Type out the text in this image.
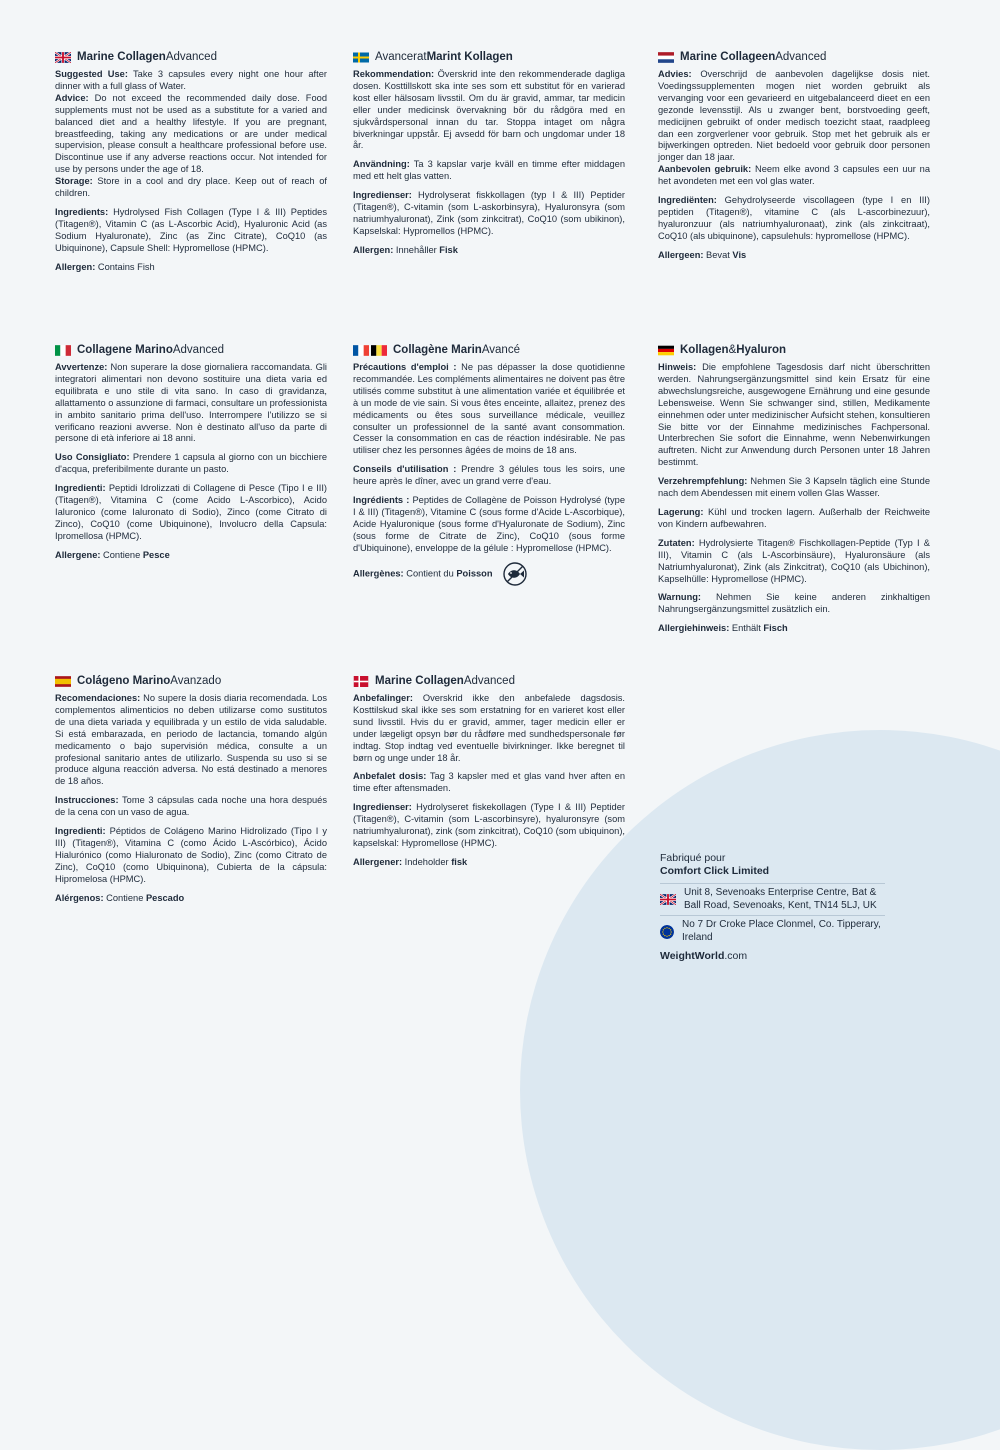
Marine Collagen Advanced
Suggested Use: Take 3 capsules every night one hour after dinner with a full glass of Water.
Advice: Do not exceed the recommended daily dose. Food supplements must not be used as a substitute for a varied and balanced diet and a healthy lifestyle. If you are pregnant, breastfeeding, taking any medications or are under medical supervision, please consult a healthcare professional before use. Discontinue use if any adverse reactions occur. Not intended for use by persons under the age of 18.
Storage: Store in a cool and dry place. Keep out of reach of children.
Ingredients: Hydrolysed Fish Collagen (Type I & III) Peptides (Titagen®), Vitamin C (as L-Ascorbic Acid), Hyaluronic Acid (as Sodium Hyaluronate), Zinc (as Zinc Citrate), CoQ10 (as Ubiquinone), Capsule Shell: Hypromellose (HPMC).
Allergen: Contains Fish
Avancerat Marint Kollagen
Rekommendation: Överskrid inte den rekommenderade dagliga dosen. Kosttillskott ska inte ses som ett substitut för en varierad kost eller hälsosam livsstil. Om du är gravid, ammar, tar medicin eller under medicinsk övervakning bör du rådgöra med en sjukvårdspersonal innan du tar. Stoppa intaget om några biverkningar uppstår. Ej avsedd för barn och ungdomar under 18 år.
Användning: Ta 3 kapslar varje kväll en timme efter middagen med ett helt glas vatten.
Ingredienser: Hydrolyserat fiskkollagen (typ I & III) Peptider (Titagen®), C-vitamin (som L-askorbinsyra), Hyaluronsyra (som natriumhyaluronat), Zink (som zinkcitrat), CoQ10 (som ubikinon), Kapselskal: Hypromellos (HPMC).
Allergen: Innehåller Fisk
Marine Collageen Advanced
Advies: Overschrijd de aanbevolen dagelijkse dosis niet. Voedingssupplementen mogen niet worden gebruikt als vervanging voor een gevarieerd en uitgebalanceerd dieet en een gezonde levensstijl. Als u zwanger bent, borstvoeding geeft, medicijnen gebruikt of onder medisch toezicht staat, raadpleeg dan een zorgverlener voor gebruik. Stop met het gebruik als er bijwerkingen optreden. Niet bedoeld voor gebruik door personen jonger dan 18 jaar.
Aanbevolen gebruik: Neem elke avond 3 capsules een uur na het avondeten met een vol glas water.
Ingrediënten: Gehydrolyseerde viscollageen (type I en III) peptiden (Titagen®), vitamine C (als L-ascorbinezuur), hyaluronzuur (als natriumhyaluronaat), zink (als zinkcitraat), CoQ10 (als ubiquinone), capsulehuls: hypromellose (HPMC).
Allergeen: Bevat Vis
Collagene Marino Advanced
Avvertenze: Non superare la dose giornaliera raccomandata. Gli integratori alimentari non devono sostituire una dieta varia ed equilibrata e uno stile di vita sano. In caso di gravidanza, allattamento o assunzione di farmaci, consultare un professionista in ambito sanitario prima dell'uso. Interrompere l'utilizzo se si verificano reazioni avverse. Non è destinato all'uso da parte di persone di età inferiore ai 18 anni.
Uso Consigliato: Prendere 1 capsula al giorno con un bicchiere d'acqua, preferibilmente durante un pasto.
Ingredienti: Peptidi Idrolizzati di Collagene di Pesce (Tipo I e III) (Titagen®), Vitamina C (come Acido L-Ascorbico), Acido Ialuronico (come Ialuronato di Sodio), Zinco (come Citrato di Zinco), CoQ10 (come Ubiquinone), Involucro della Capsula: Ipromellosa (HPMC).
Allergene: Contiene Pesce
Collagène Marin Avancé
Précautions d'emploi : Ne pas dépasser la dose quotidienne recommandée. Les compléments alimentaires ne doivent pas être utilisés comme substitut à une alimentation variée et équilibrée et à un mode de vie sain. Si vous êtes enceinte, allaitez, prenez des médicaments ou êtes sous surveillance médicale, veuillez consulter un professionnel de la santé avant consommation. Cesser la consommation en cas de réaction indésirable. Ne pas utiliser chez les personnes âgées de moins de 18 ans.
Conseils d'utilisation : Prendre 3 gélules tous les soirs, une heure après le dîner, avec un grand verre d'eau.
Ingrédients : Peptides de Collagène de Poisson Hydrolysé (type I & III) (Titagen®), Vitamine C (sous forme d'Acide L-Ascorbique), Acide Hyaluronique (sous forme d'Hyaluronate de Sodium), Zinc (sous forme de Citrate de Zinc), CoQ10 (sous forme d'Ubiquinone), enveloppe de la gélule : Hypromellose (HPMC).
Allergènes: Contient du Poisson
Kollagen & Hyaluron
Hinweis: Die empfohlene Tagesdosis darf nicht überschritten werden. Nahrungsergänzungsmittel sind kein Ersatz für eine abwechslungsreiche, ausgewogene Ernährung und eine gesunde Lebensweise. Wenn Sie schwanger sind, stillen, Medikamente einnehmen oder unter medizinischer Aufsicht stehen, konsultieren Sie bitte vor der Einnahme medizinisches Fachpersonal. Unterbrechen Sie sofort die Einnahme, wenn Nebenwirkungen auftreten. Nicht zur Anwendung durch Personen unter 18 Jahren bestimmt.
Verzehrempfehlung: Nehmen Sie 3 Kapseln täglich eine Stunde nach dem Abendessen mit einem vollen Glas Wasser.
Lagerung: Kühl und trocken lagern. Außerhalb der Reichweite von Kindern aufbewahren.
Zutaten: Hydrolysierte Titagen® Fischkollagen-Peptide (Typ I & III), Vitamin C (als L-Ascorbinsäure), Hyaluronsäure (als Natriumhyaluronat), Zink (als Zinkcitrat), CoQ10 (als Ubichinon), Kapselhülle: Hypromellose (HPMC).
Warnung: Nehmen Sie keine anderen zinkhaltigen Nahrungsergänzungsmittel zusätzlich ein.
Allergiehinweis: Enthält Fisch
Colágeno Marino Avanzado
Recomendaciones: No supere la dosis diaria recomendada. Los complementos alimenticios no deben utilizarse como sustitutos de una dieta variada y equilibrada y un estilo de vida saludable. Si está embarazada, en periodo de lactancia, tomando algún medicamento o bajo supervisión médica, consulte a un profesional sanitario antes de utilizarlo. Suspenda su uso si se produce alguna reacción adversa. No está destinado a menores de 18 años.
Instrucciones: Tome 3 cápsulas cada noche una hora después de la cena con un vaso de agua.
Ingredienti: Péptidos de Colágeno Marino Hidrolizado (Tipo I y III) (Titagen®), Vitamina C (como Ácido L-Ascórbico), Ácido Hialurónico (como Hialuronato de Sodio), Zinc (como Citrato de Zinc), CoQ10 (como Ubiquinona), Cubierta de la cápsula: Hipromelosa (HPMC).
Alérgenos: Contiene Pescado
Marine Collagen Advanced
Anbefalinger: Overskrid ikke den anbefalede dagsdosis. Kosttilskud skal ikke ses som erstatning for en varieret kost eller sund livsstil. Hvis du er gravid, ammer, tager medicin eller er under lægeligt opsyn bør du rådføre med sundhedspersonale før indtag. Stop indtag ved eventuelle bivirkninger. Ikke beregnet til børn og unge under 18 år.
Anbefalet dosis: Tag 3 kapsler med et glas vand hver aften en time efter aftensmaden.
Ingredienser: Hydrolyseret fiskekollagen (Type I & III) Peptider (Titagen®), C-vitamin (som L-ascorbinsyre), hyaluronsyre (som natriumhyaluronat), zink (som zinkcitrat), CoQ10 (som ubiquinon), kapselskal: Hypromellose (HPMC).
Allergener: Indeholder fisk	Fabriqué pour
Comfort Click Limited
Unit 8, Sevenoaks Enterprise Centre, Bat & Ball Road, Sevenoaks, Kent, TN14 5LJ, UK
No 7 Dr Croke Place Clonmel, Co. Tipperary, Ireland
WeightWorld.com
